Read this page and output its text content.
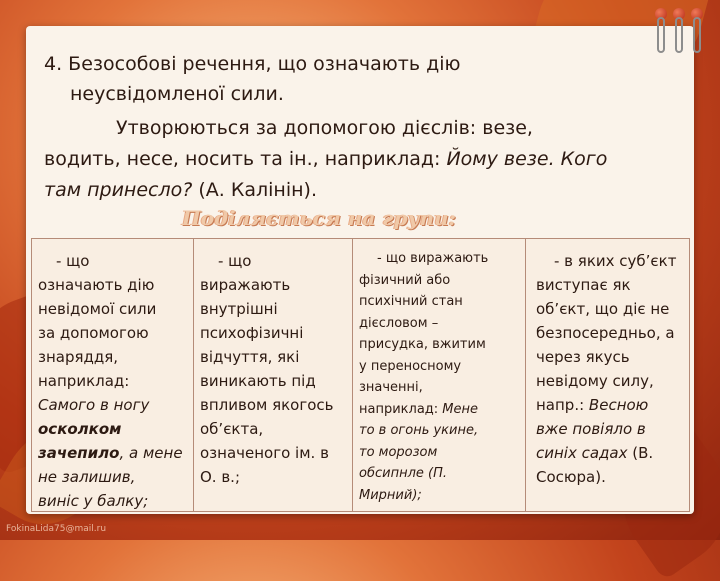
4. Безособові речення, що означають дію
неусвідомленої сили.
Утворюються за допомогою дієслів: везе,
водить, несе, носить та ін., наприклад: Йому везе. Кого
там принесло? (А. Калінін).
Поділяється на групи:
- що
означають дію
невідомої сили
за допомогою
знаряддя,
наприклад:
Самого в ногу
осколком
зачепило, а мене
не залишив,
виніс у балку;
- що
виражають
внутрішні
психофізичні
відчуття, які
виникають під
впливом якогось
об’єкта,
означеного ім. в
О. в.;
- що виражають
фізичний або
психічний стан
дієсловом –
присудка, вжитим
у переносному
значенні,
наприклад: Мене
то в огонь укине,
то морозом
обсипнле (П.
Мирний);
- в яких суб’єкт
виступає як
об’єкт, що діє не
безпосередньо, а
через якусь
невідому силу,
напр.: Весною
вже повіяло в
синіх садах (В.
Сосюра).
FokinaLida75@mail.ru
